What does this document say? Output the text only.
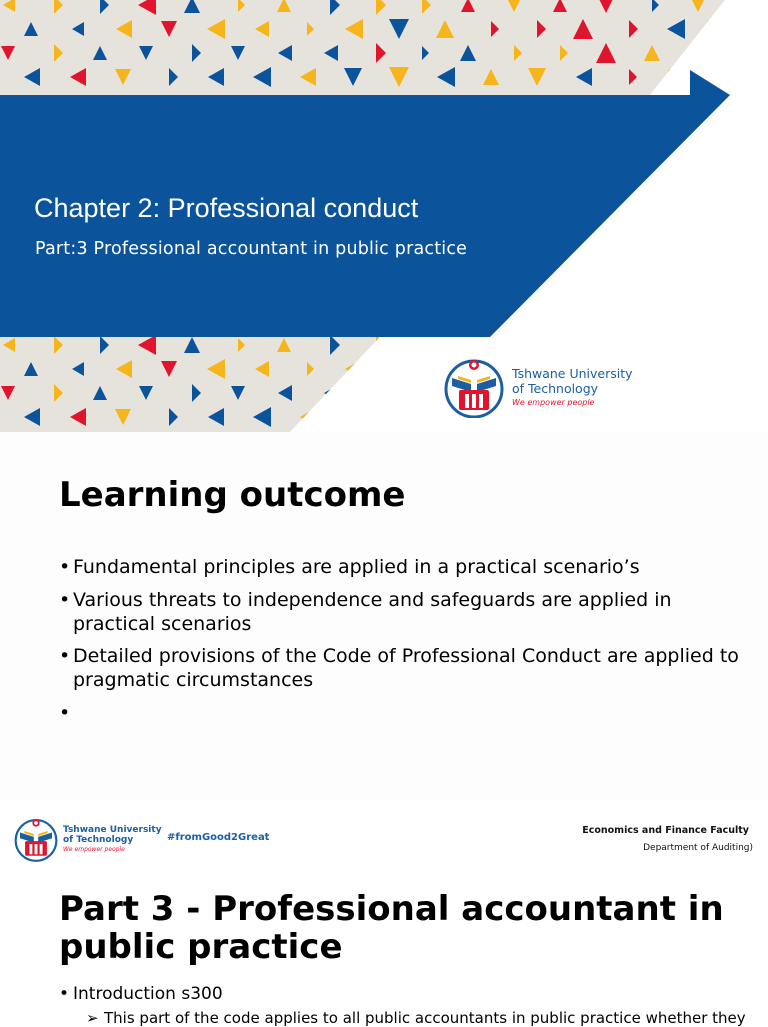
Chapter 2: Professional conduct
Part:3 Professional accountant in public practice
Tshwane University
of Technology
We empower people
Learning outcome
• Fundamental principles are applied in a practical scenario’s
• Various threats to independence and safeguards are applied in practical scenarios
• Detailed provisions of the Code of Professional Conduct are applied to pragmatic circumstances
•

Tshwane University
of Technology
We empower people
#fromGood2Great
Economics and Finance Faculty
Department of Auditing)
Part 3 - Professional accountant in public practice
• Introduction s300
➢ This part of the code applies to all public accountants in public practice whether they
